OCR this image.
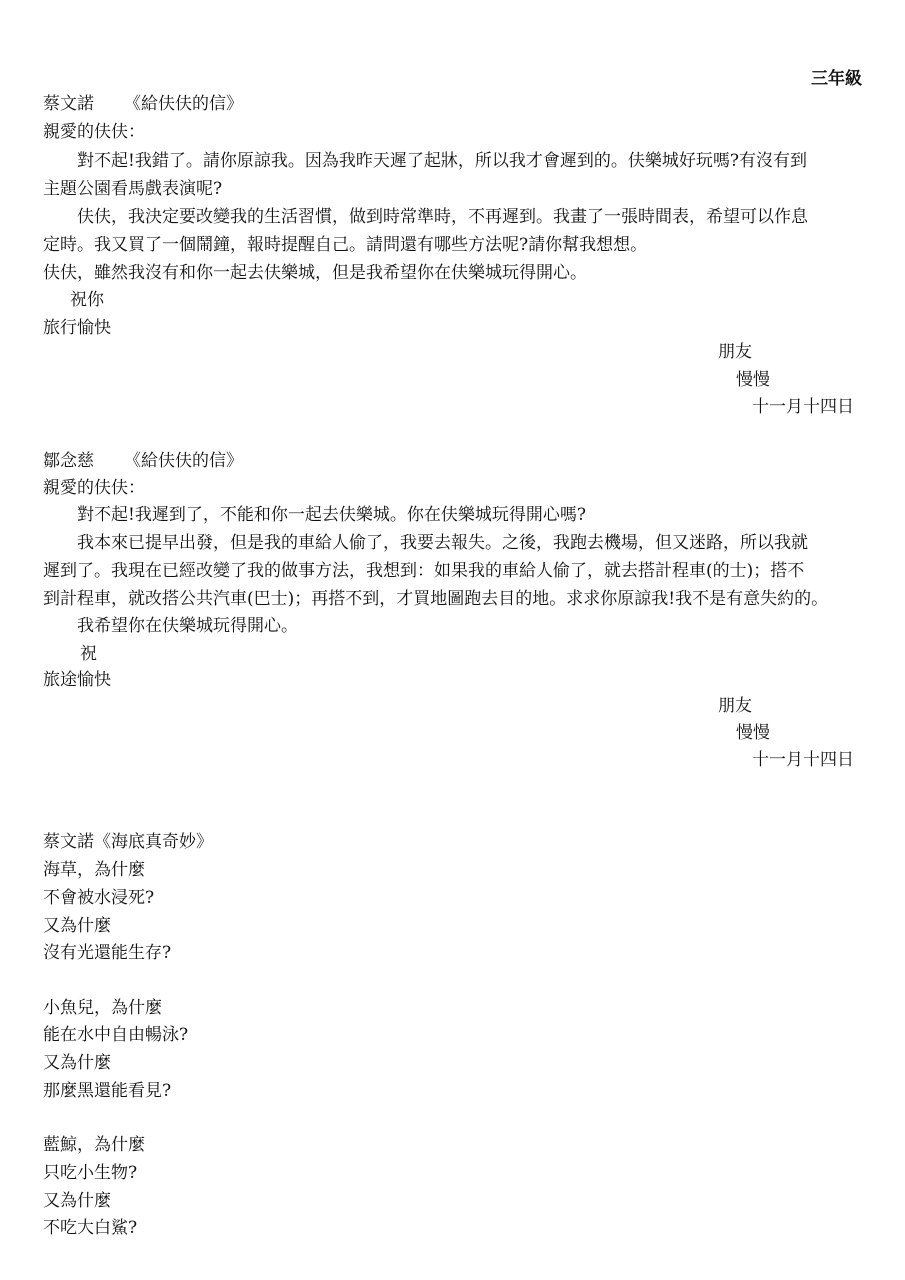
三年級
蔡文諾 《給伕伕的信》
親愛的伕伕：
對不起!我錯了。請你原諒我。因為我昨天遲了起牀，所以我才會遲到的。伕樂城好玩嗎?有沒有到
主題公園看馬戲表演呢?
伕伕，我決定要改變我的生活習慣，做到時常準時，不再遲到。我畫了一張時間表，希望可以作息
定時。我又買了一個鬧鐘，報時提醒自己。請問還有哪些方法呢?請你幫我想想。
伕伕，雖然我沒有和你一起去伕樂城，但是我希望你在伕樂城玩得開心。
祝你
旅行愉快
朋友
慢慢
十一月十四日
鄒念慈 《給伕伕的信》
親愛的伕伕：
對不起!我遲到了，不能和你一起去伕樂城。你在伕樂城玩得開心嗎?
我本來已提早出發，但是我的車給人偷了，我要去報失。之後，我跑去機場，但又迷路，所以我就
遲到了。我現在已經改變了我的做事方法，我想到：如果我的車給人偷了，就去搭計程車(的士)；搭不
到計程車，就改搭公共汽車(巴士)；再搭不到，才買地圖跑去目的地。求求你原諒我!我不是有意失約的。
我希望你在伕樂城玩得開心。
祝
旅途愉快
朋友
慢慢
十一月十四日
蔡文諾《海底真奇妙》
海草，為什麼
不會被水浸死?
又為什麼
沒有光還能生存?
小魚兒，為什麼
能在水中自由暢泳?
又為什麼
那麼黑還能看見?
藍鯨，為什麼
只吃小生物?
又為什麼
不吃大白鯊?
